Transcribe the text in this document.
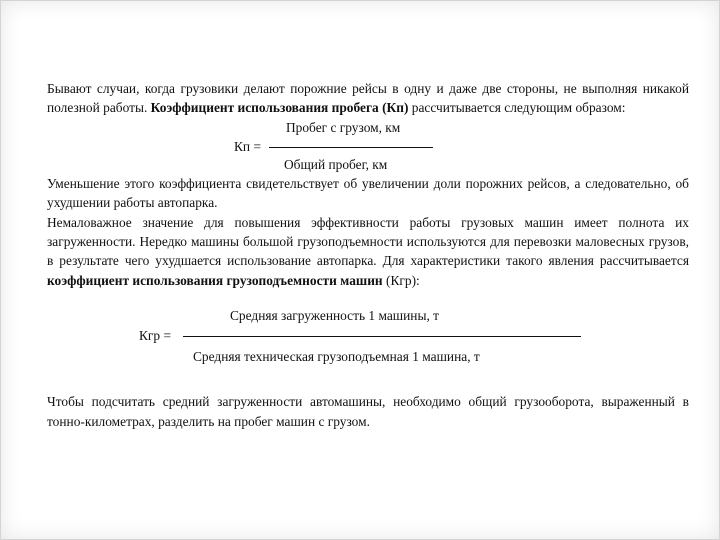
Бывают случаи, когда грузовики делают порожние рейсы в одну и даже две стороны, не выполняя никакой полезной работы. Коэффициент использования пробега (Кп) рассчитывается следующим образом:

Пробег с грузом, км
Кп =
Общий пробег, км

Уменьшение этого коэффициента свидетельствует об увеличении доли порожних рейсов, а следовательно, об ухудшении работы автопарка.

Немаловажное значение для повышения эффективности работы грузовых машин имеет полнота их загруженности. Нередко машины большой грузоподъемности используются для перевозки маловесных грузов, в результате чего ухудшается использование автопарка. Для характеристики такого явления рассчитывается коэффициент использования грузоподъемности машин (Кгр):

Средняя загруженность 1 машины, т
Кгр =
Средняя техническая грузоподъемная 1 машина, т

Чтобы подсчитать средний загруженности автомашины, необходимо общий грузооборота, выраженный в тонно-километрах, разделить на пробег машин с грузом.
